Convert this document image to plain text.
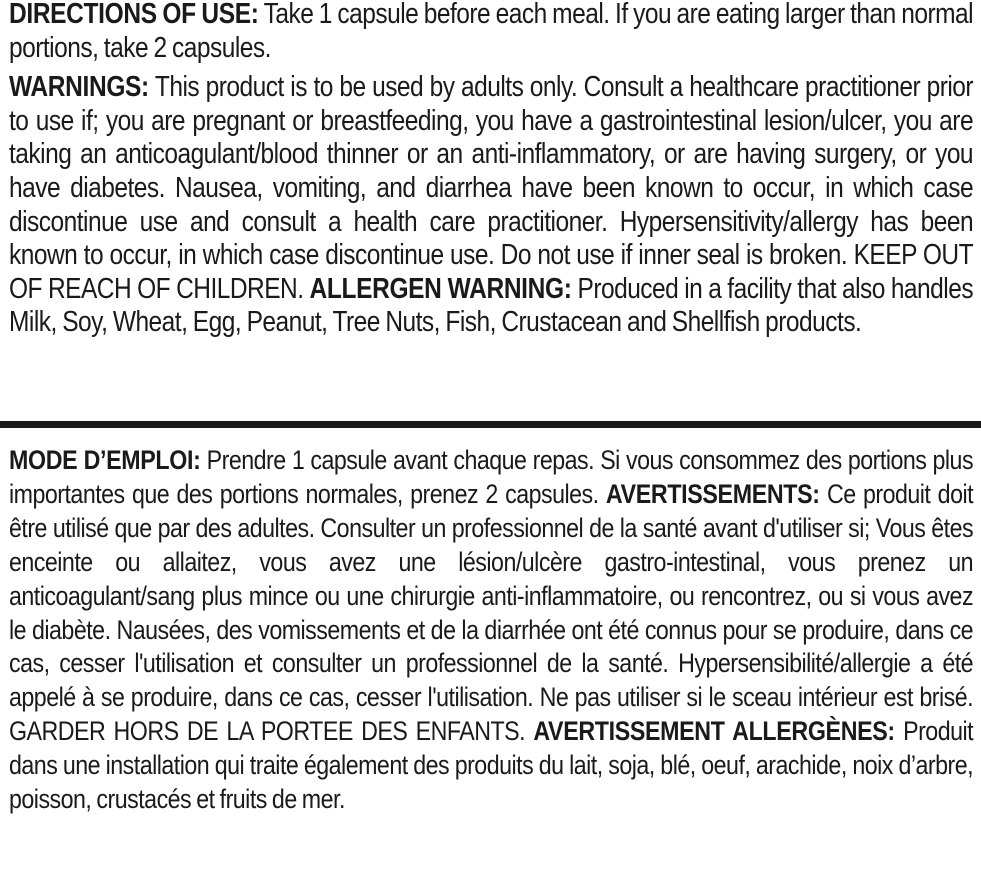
DIRECTIONS OF USE: Take 1 capsule before each meal. If you are eating larger than normal portions, take 2 capsules.

WARNINGS: This product is to be used by adults only. Consult a healthcare practitioner prior to use if; you are pregnant or breastfeeding, you have a gastrointestinal lesion/ulcer, you are taking an anticoagulant/blood thinner or an anti-inflammatory, or are having surgery, or you have diabetes. Nausea, vomiting, and diarrhea have been known to occur, in which case discontinue use and consult a health care practitioner. Hypersensitivity/allergy has been known to occur, in which case discontinue use. Do not use if inner seal is broken. KEEP OUT OF REACH OF CHILDREN. ALLERGEN WARNING: Produced in a facility that also handles Milk, Soy, Wheat, Egg, Peanut, Tree Nuts, Fish, Crustacean and Shellfish products.

MODE D’EMPLOI: Prendre 1 capsule avant chaque repas. Si vous consommez des portions plus importantes que des portions normales, prenez 2 capsules. AVERTISSEMENTS: Ce produit doit être utilisé que par des adultes. Consulter un professionnel de la santé avant d'utiliser si; Vous êtes enceinte ou allaitez, vous avez une lésion/ulcère gastro-intestinal, vous prenez un anticoagulant/sang plus mince ou une chirurgie anti-inflammatoire, ou rencontrez, ou si vous avez le diabète. Nausées, des vomissements et de la diarrhée ont été connus pour se produire, dans ce cas, cesser l'utilisation et consulter un professionnel de la santé. Hypersensibilité/allergie a été appelé à se produire, dans ce cas, cesser l'utilisation. Ne pas utiliser si le sceau intérieur est brisé. GARDER HORS DE LA PORTEE DES ENFANTS. AVERTISSEMENT ALLERGÈNES: Produit dans une installation qui traite également des produits du lait, soja, blé, oeuf, arachide, noix d’arbre, poisson, crustacés et fruits de mer.
